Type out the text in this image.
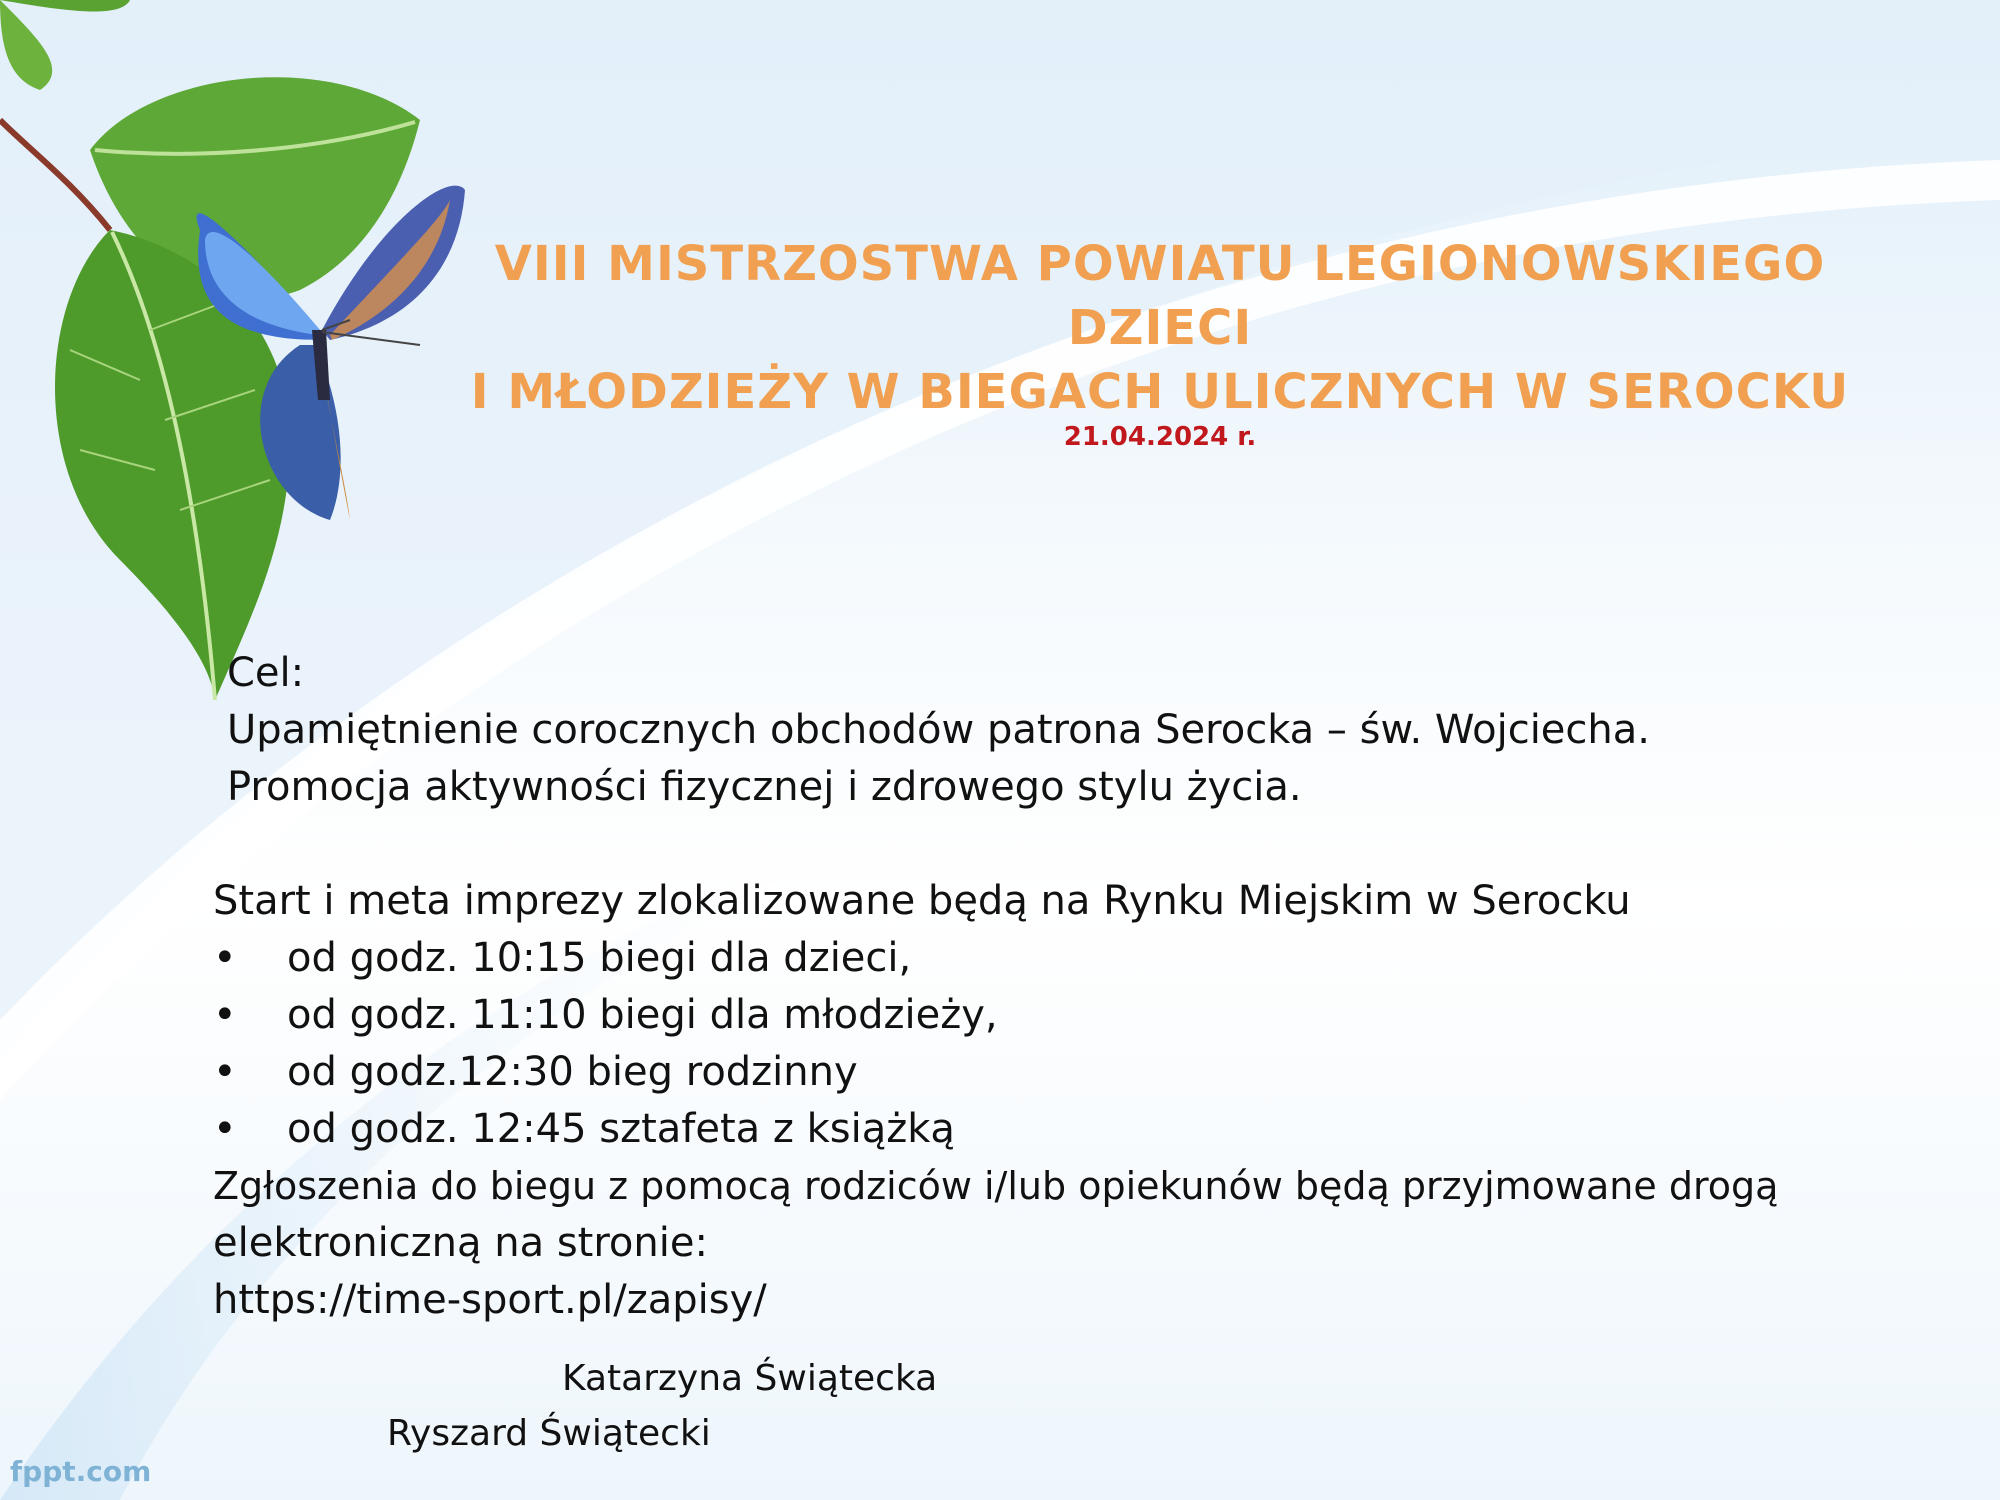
VIII MISTRZOSTWA POWIATU LEGIONOWSKIEGO
DZIECI
I MŁODZIEŻY W BIEGACH ULICZNYCH W SEROCKU
21.04.2024 r.
Cel:
Upamiętnienie corocznych obchodów patrona Serocka – św. Wojciecha.
Promocja aktywności fizycznej i zdrowego stylu życia.
Start i meta imprezy zlokalizowane będą na Rynku Miejskim w Serocku
• od godz. 10:15 biegi dla dzieci,
• od godz. 11:10 biegi dla młodzieży,
• od godz.12:30 bieg rodzinny
• od godz. 12:45 sztafeta z książką
Zgłoszenia do biegu z pomocą rodziców i/lub opiekunów będą przyjmowane drogą
elektroniczną na stronie:
https://time-sport.pl/zapisy/
Katarzyna Świątecka
Ryszard Świątecki
fppt.com
